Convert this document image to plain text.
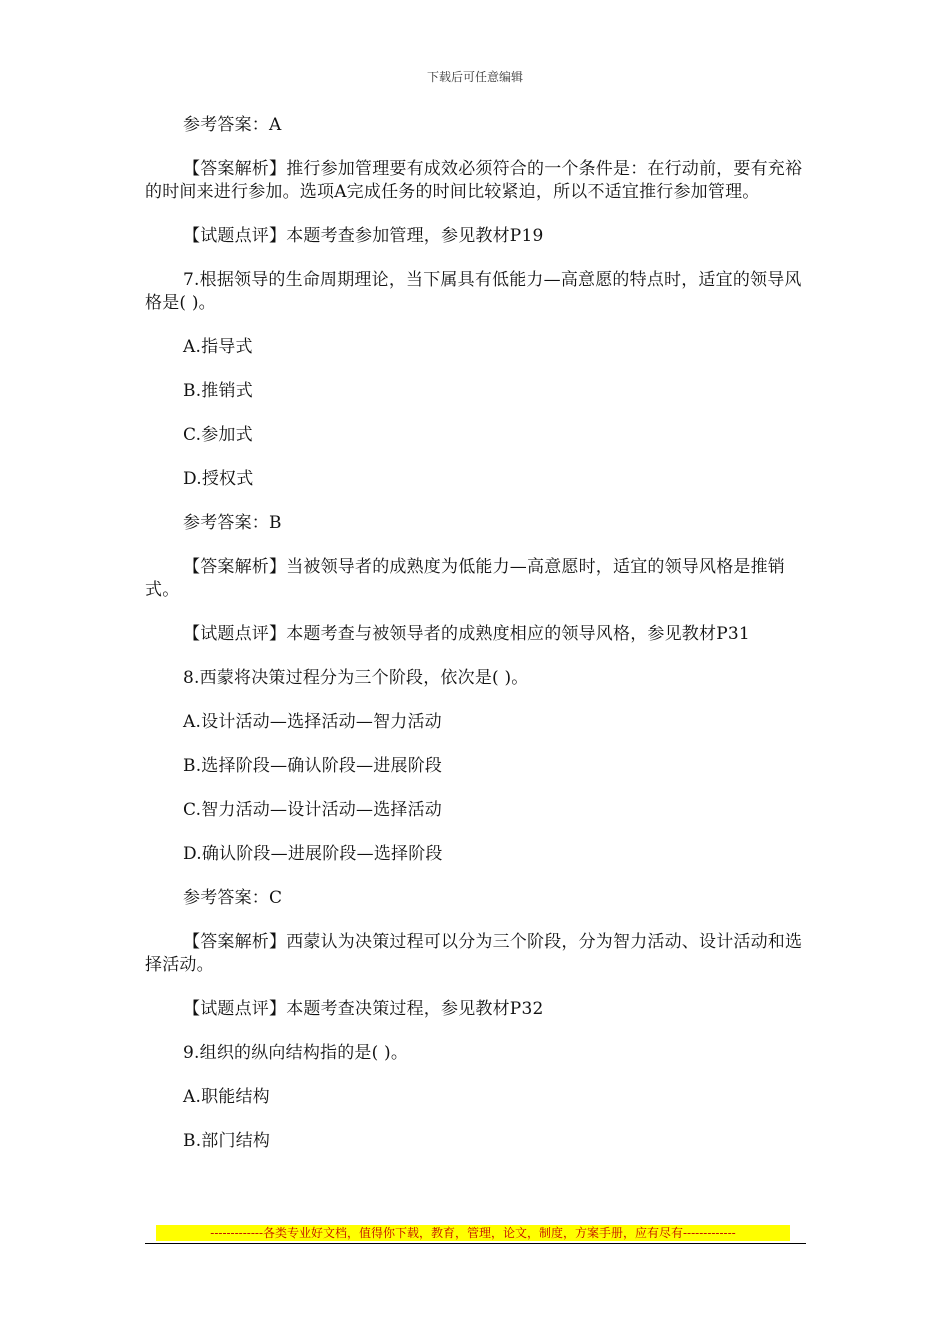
下载后可任意编辑

参考答案：A

【答案解析】推行参加管理要有成效必须符合的一个条件是：在行动前，要有充裕的时间来进行参加。选项A完成任务的时间比较紧迫，所以不适宜推行参加管理。

【试题点评】本题考查参加管理，参见教材P19

7.根据领导的生命周期理论，当下属具有低能力—高意愿的特点时，适宜的领导风格是( )。

A.指导式

B.推销式

C.参加式

D.授权式

参考答案：B

【答案解析】当被领导者的成熟度为低能力—高意愿时，适宜的领导风格是推销式。

【试题点评】本题考查与被领导者的成熟度相应的领导风格，参见教材P31

8.西蒙将决策过程分为三个阶段，依次是( )。

A.设计活动—选择活动—智力活动

B.选择阶段—确认阶段—进展阶段

C.智力活动—设计活动—选择活动

D.确认阶段—进展阶段—选择阶段

参考答案：C

【答案解析】西蒙认为决策过程可以分为三个阶段，分为智力活动、设计活动和选择活动。

【试题点评】本题考查决策过程，参见教材P32

9.组织的纵向结构指的是( )。

A.职能结构

B.部门结构

-------------各类专业好文档，值得你下载，教育，管理，论文，制度，方案手册，应有尽有-------------
